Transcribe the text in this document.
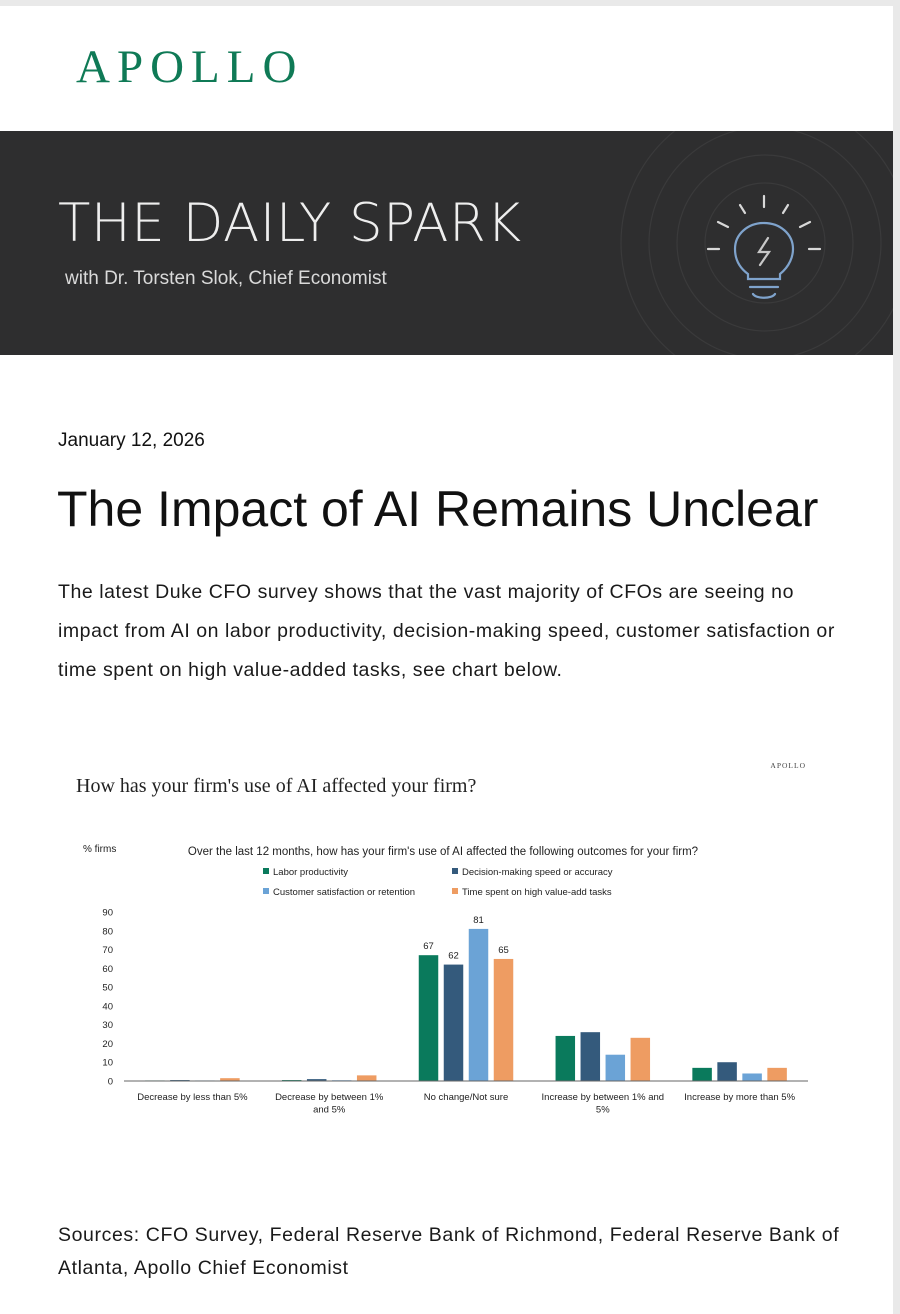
APOLLO
THE DAILY SPARK
with Dr. Torsten Slok, Chief Economist
January 12, 2026
The Impact of AI Remains Unclear
The latest Duke CFO survey shows that the vast majority of CFOs are seeing no impact from AI on labor productivity, decision-making speed, customer satisfaction or time spent on high value-added tasks, see chart below.
APOLLO
How has your firm's use of AI affected your firm?
% firms	Over the last 12 months, how has your firm's use of AI affected the following outcomes for your firm?
Labor productivity	Decision-making speed or accuracy
Customer satisfaction or retention	Time spent on high value-add tasks
0
10
20
30
40
50
60
70
80
90
67
62
81
65
Decrease by less than 5%	Decrease by between 1%
and 5%
No change/Not sure	Increase by between 1% and
5%
Increase by more than 5%
Sources: CFO Survey, Federal Reserve Bank of Richmond, Federal Reserve Bank of Atlanta, Apollo Chief Economist
